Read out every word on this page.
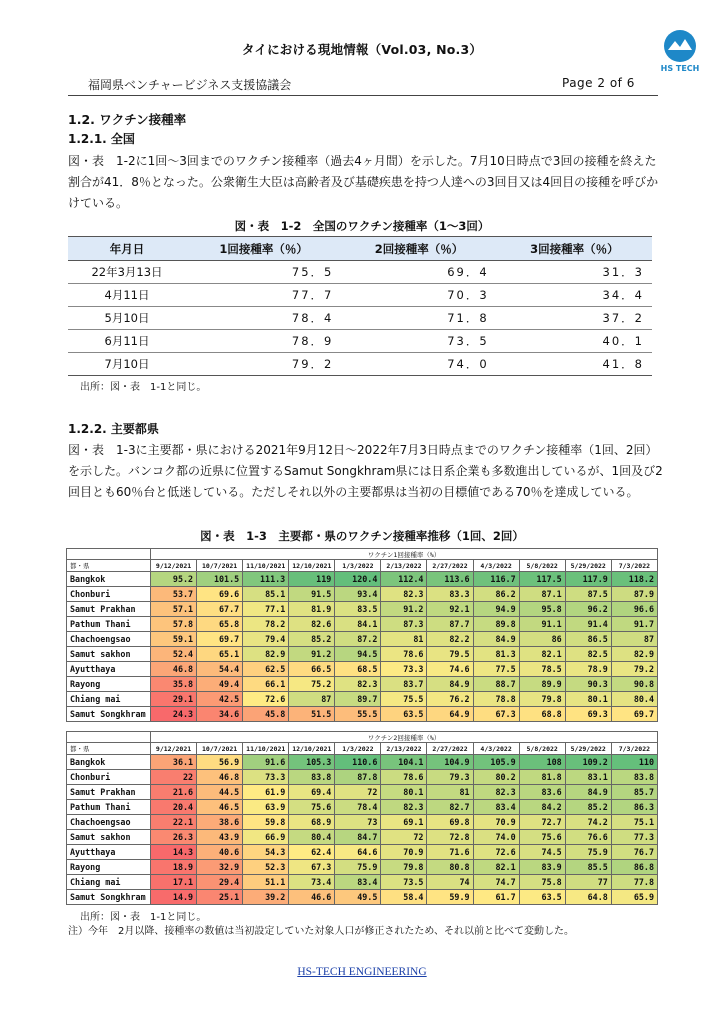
タイにおける現地情報（Vol.03, No.3）
HS TECH
福岡県ベンチャービジネス支援協議会	Page 2 of 6
1.2. ワクチン接種率
1.2.1. 全国
図・表　1-2に1回～3回までのワクチン接種率（過去4ヶ月間）を示した。7月10日時点で3回の接種を終えた割合が41．8％となった。公衆衛生大臣は高齢者及び基礎疾患を持つ人達への3回目又は4回目の接種を呼びかけている。
図・表　1-2　全国のワクチン接種率（1～3回）
年月日	1回接種率（％）	2回接種率（％）	3回接種率（％）
22年3月13日	75．5	69．4	31．3
4月11日	77．7	70．3	34．4
5月10日	78．4	71．8	37．2
6月11日	78．9	73．5	40．1
7月10日	79．2	74．0	41．8
出所：図・表　1-1と同じ。
1.2.2. 主要都県
図・表　1-3に主要都・県における2021年9月12日～2022年7月3日時点までのワクチン接種率（1回、2回）を示した。バンコク都の近県に位置するSamut Songkhram県には日系企業も多数進出しているが、1回及び2回目とも60％台と低迷している。ただしそれ以外の主要都県は当初の目標値である70％を達成している。
図・表　1-3　主要都・県のワクチン接種率推移（1回、2回）
	ワクチン1回接種率（%）										
都・県	9/12/2021	10/7/2021	11/10/2021	12/10/2021	1/3/2022	2/13/2022	2/27/2022	4/3/2022	5/8/2022	5/29/2022	7/3/2022
Bangkok	95.2	101.5	111.3	119	120.4	112.4	113.6	116.7	117.5	117.9	118.2
Chonburi	53.7	69.6	85.1	91.5	93.4	82.3	83.3	86.2	87.1	87.5	87.9
Samut Prakhan	57.1	67.7	77.1	81.9	83.5	91.2	92.1	94.9	95.8	96.2	96.6
Pathum Thani	57.8	65.8	78.2	82.6	84.1	87.3	87.7	89.8	91.1	91.4	91.7
Chachoengsao	59.1	69.7	79.4	85.2	87.2	81	82.2	84.9	86	86.5	87
Samut sakhon	52.4	65.1	82.9	91.2	94.5	78.6	79.5	81.3	82.1	82.5	82.9
Ayutthaya	46.8	54.4	62.5	66.5	68.5	73.3	74.6	77.5	78.5	78.9	79.2
Rayong	35.8	49.4	66.1	75.2	82.3	83.7	84.9	88.7	89.9	90.3	90.8
Chiang mai	29.1	42.5	72.6	87	89.7	75.5	76.2	78.8	79.8	80.1	80.4
Samut Songkhram	24.3	34.6	45.8	51.5	55.5	63.5	64.9	67.3	68.8	69.3	69.7
	ワクチン2回接種率（%）										
都・県	9/12/2021	10/7/2021	11/10/2021	12/10/2021	1/3/2022	2/13/2022	2/27/2022	4/3/2022	5/8/2022	5/29/2022	7/3/2022
Bangkok	36.1	56.9	91.6	105.3	110.6	104.1	104.9	105.9	108	109.2	110
Chonburi	22	46.8	73.3	83.8	87.8	78.6	79.3	80.2	81.8	83.1	83.8
Samut Prakhan	21.6	44.5	61.9	69.4	72	80.1	81	82.3	83.6	84.9	85.7
Pathum Thani	20.4	46.5	63.9	75.6	78.4	82.3	82.7	83.4	84.2	85.2	86.3
Chachoengsao	22.1	38.6	59.8	68.9	73	69.1	69.8	70.9	72.7	74.2	75.1
Samut sakhon	26.3	43.9	66.9	80.4	84.7	72	72.8	74.0	75.6	76.6	77.3
Ayutthaya	14.3	40.6	54.3	62.4	64.6	70.9	71.6	72.6	74.5	75.9	76.7
Rayong	18.9	32.9	52.3	67.3	75.9	79.8	80.8	82.1	83.9	85.5	86.8
Chiang mai	17.1	29.4	51.1	73.4	83.4	73.5	74	74.7	75.8	77	77.8
Samut Songkhram	14.9	25.1	39.2	46.6	49.5	58.4	59.9	61.7	63.5	64.8	65.9
出所：図・表　1-1と同じ。
注）今年　2月以降、接種率の数値は当初設定していた対象人口が修正されたため、それ以前と比べて変動した。
HS-TECH ENGINEERING
